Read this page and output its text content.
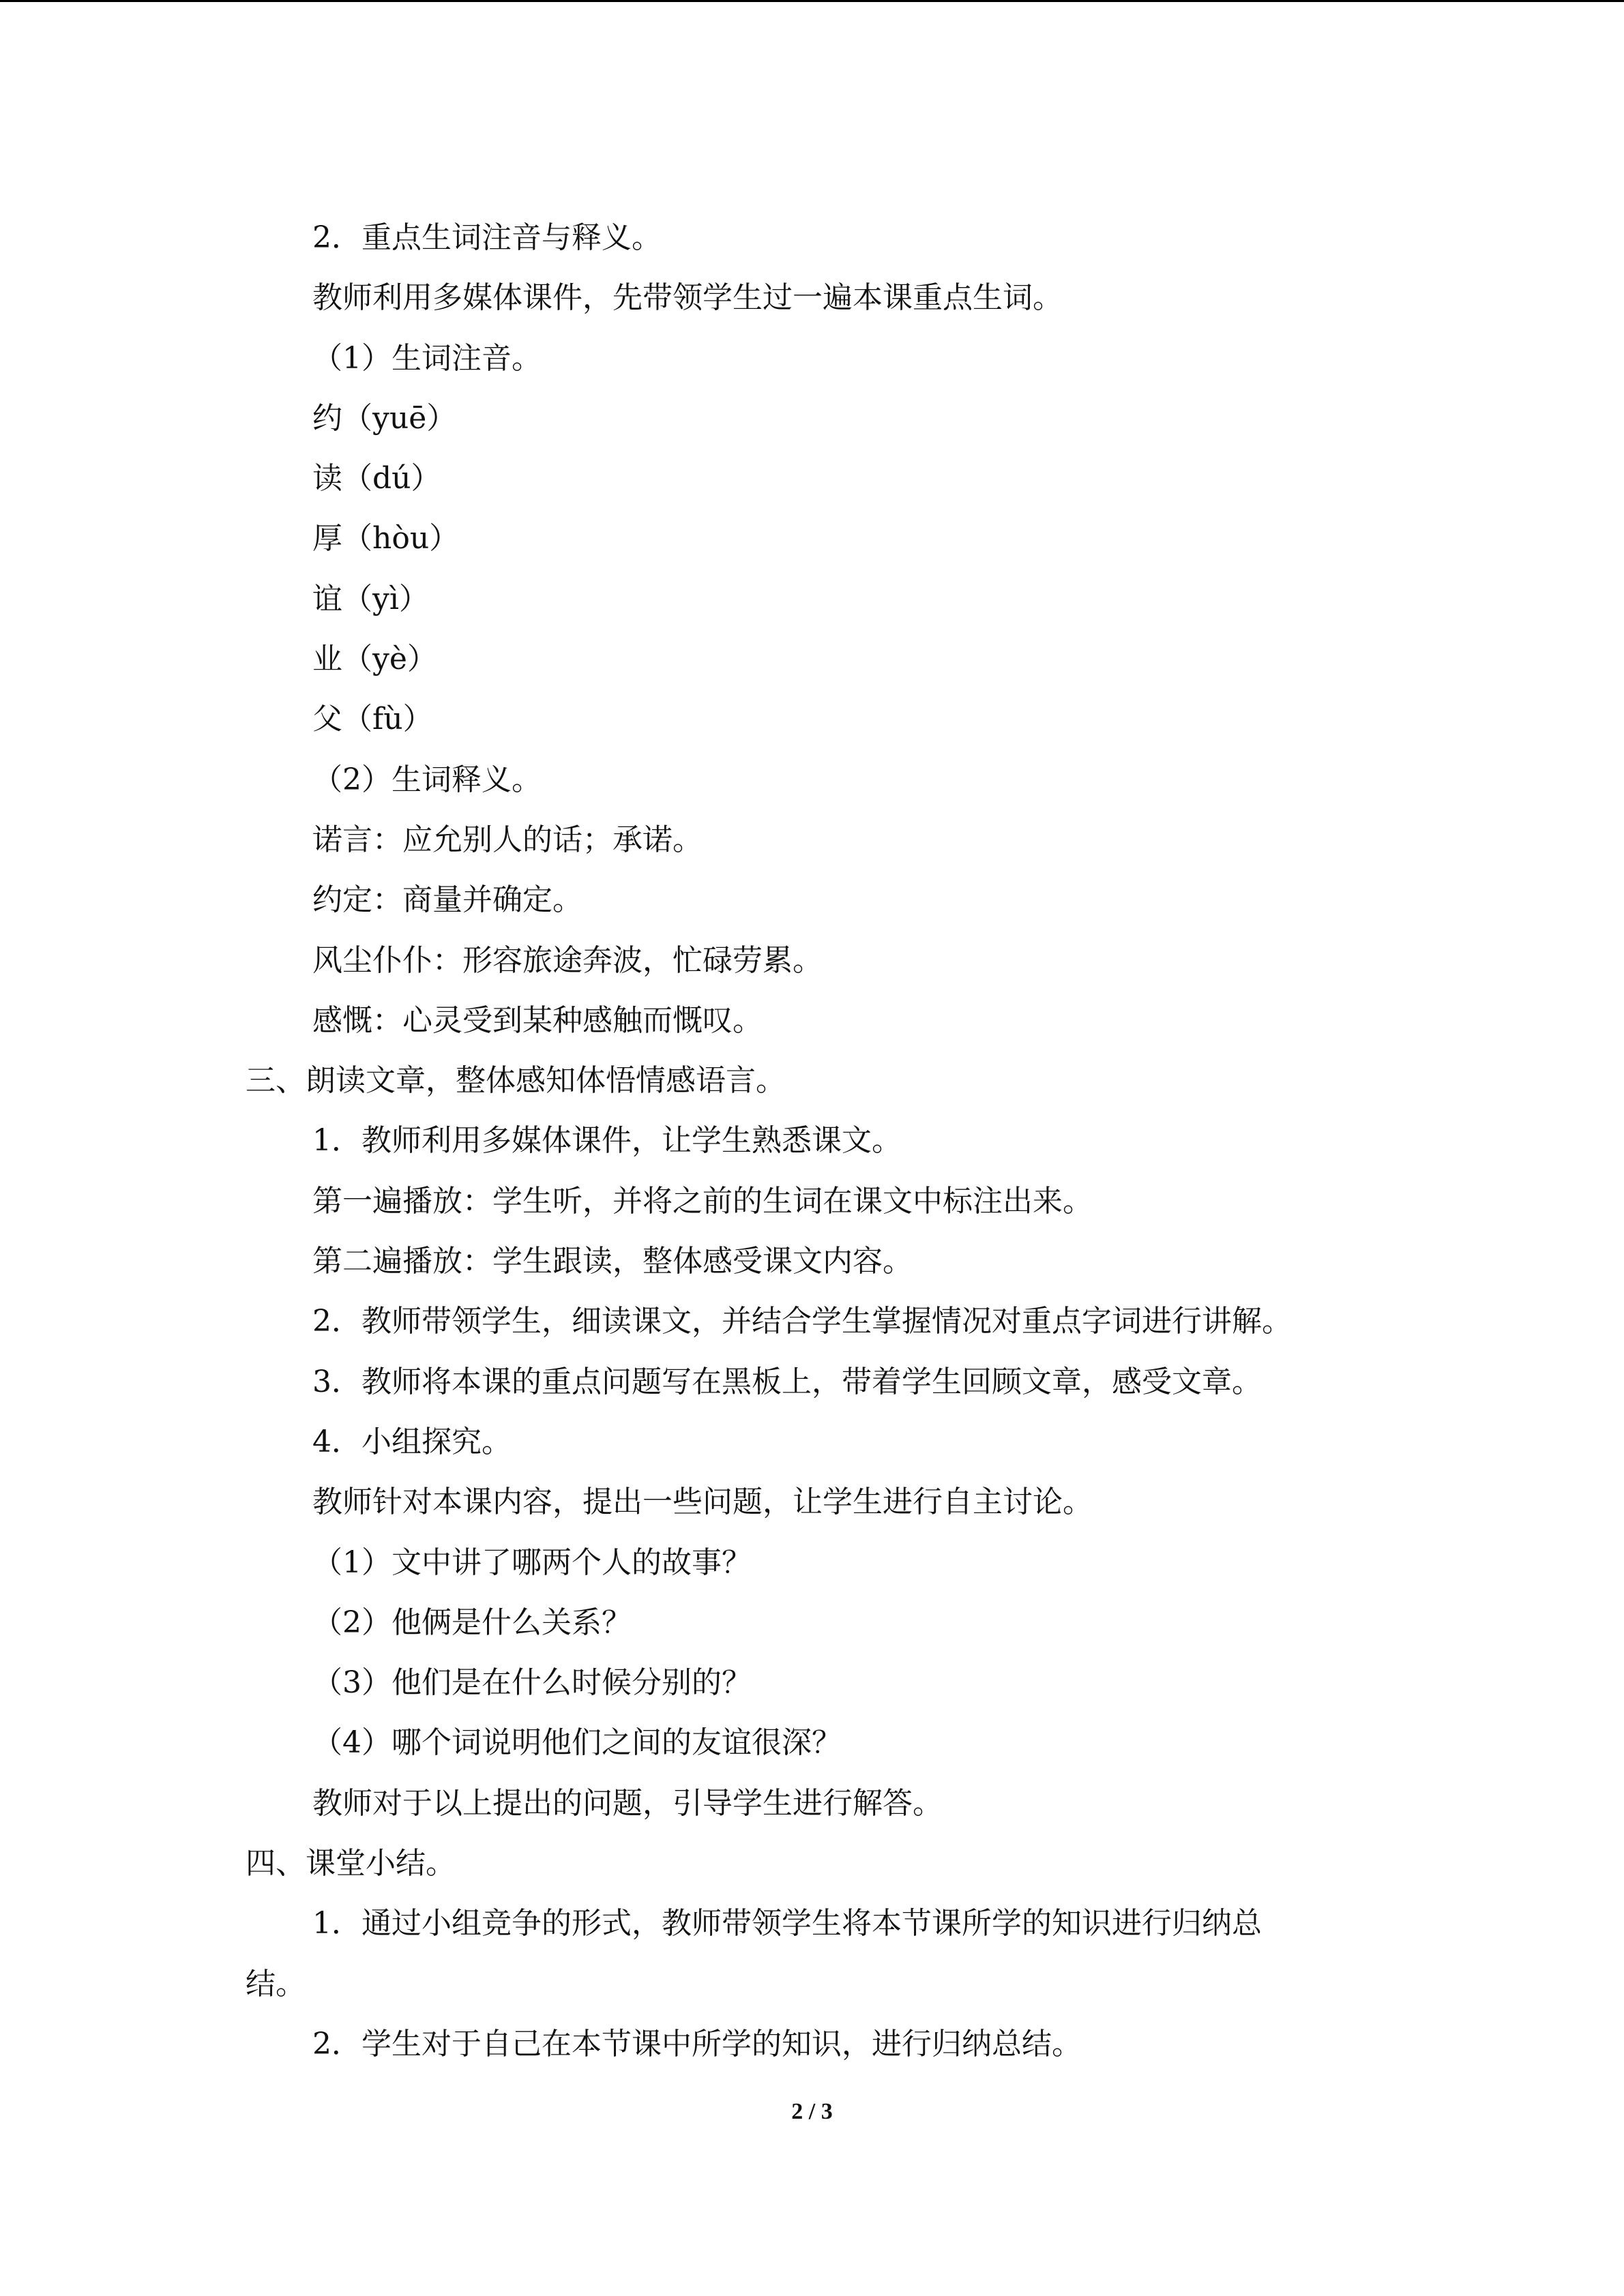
2．重点生词注音与释义。
教师利用多媒体课件，先带领学生过一遍本课重点生词。
（1）生词注音。
约（yuē）
读（dú）
厚（hòu）
谊（yì）
业（yè）
父（fù）
（2）生词释义。
诺言：应允别人的话；承诺。
约定：商量并确定。
风尘仆仆：形容旅途奔波，忙碌劳累。
感慨：心灵受到某种感触而慨叹。
三、朗读文章，整体感知体悟情感语言。
1．教师利用多媒体课件，让学生熟悉课文。
第一遍播放：学生听，并将之前的生词在课文中标注出来。
第二遍播放：学生跟读，整体感受课文内容。
2．教师带领学生，细读课文，并结合学生掌握情况对重点字词进行讲解。
3．教师将本课的重点问题写在黑板上，带着学生回顾文章，感受文章。
4．小组探究。
教师针对本课内容，提出一些问题，让学生进行自主讨论。
（1）文中讲了哪两个人的故事？
（2）他俩是什么关系？
（3）他们是在什么时候分别的？
（4）哪个词说明他们之间的友谊很深？
教师对于以上提出的问题，引导学生进行解答。
四、课堂小结。
1．通过小组竞争的形式，教师带领学生将本节课所学的知识进行归纳总
结。
2．学生对于自己在本节课中所学的知识，进行归纳总结。
2 / 3
